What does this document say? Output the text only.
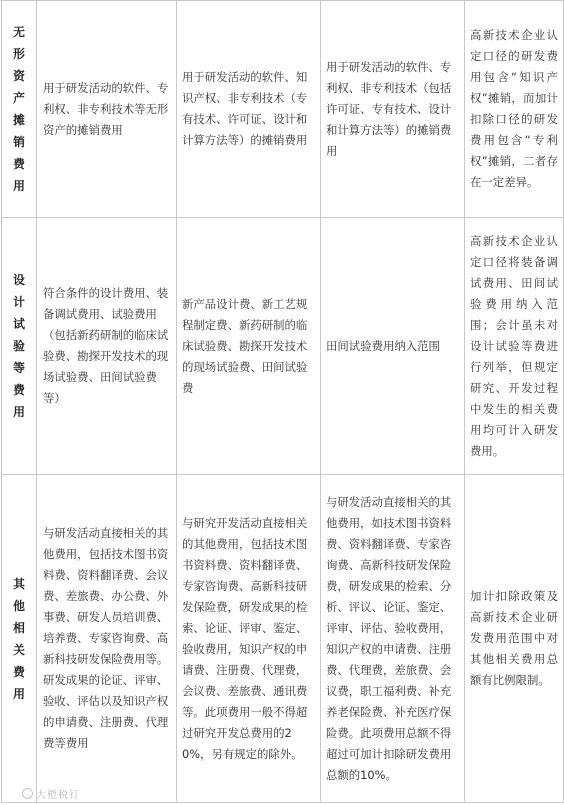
无形资产摊销费用	用于研发活动的软件、专利权、非专利技术等无形资产的摊销费用	用于研发活动的软件、知识产权、非专利技术（专有技术、许可证、设计和计算方法等）的摊销费用	用于研发活动的软件、专利权、非专利技术（包括许可证、专有技术、设计和计算方法等）的摊销费用	高新技术企业认定口径的研发费用包含“知识产权”摊销，而加计扣除口径的研发费用包含“专利权”摊销，二者存在一定差异。
设计试验等费用	符合条件的设计费用、装备调试费用、试验费用（包括新药研制的临床试验费、勘探开发技术的现场试验费、田间试验费等）	新产品设计费、新工艺规程制定费、新药研制的临床试验费、勘探开发技术的现场试验费、田间试验费	田间试验费用纳入范围	高新技术企业认定口径将装备调试费用、田间试验费用纳入范围；会计虽未对设计试验等费进行列举，但规定研究、开发过程中发生的相关费用均可计入研发费用。
其他相关费用	与研发活动直接相关的其他费用，包括技术图书资料费、资料翻译费、会议费、差旅费、办公费、外事费、研发人员培训费、培养费、专家咨询费、高新科技研发保险费用等。研发成果的论证、评审、验收、评估以及知识产权的申请费、注册费、代理费等费用	与研究开发活动直接相关的其他费用，包括技术图书资料费、资料翻译费、专家咨询费、高新科技研发保险费，研发成果的检索、论证、评审、鉴定、验收费用，知识产权的申请费、注册费、代理费，会议费、差旅费、通讯费等。此项费用一般不得超过研究开发总费用的20%，另有规定的除外。	与研发活动直接相关的其他费用，如技术图书资料费、资料翻译费、专家咨询费、高新科技研发保险费，研发成果的检索、分析、评议、论证、鉴定、评审、评估、验收费用，知识产权的申请费、注册费、代理费，差旅费、会议费，职工福利费、补充养老保险费、补充医疗保险费。此项费用总额不得超过可加计扣除研发费用总额的10%。	加计扣除政策及高新技术企业研发费用范围中对其他相关费用总额有比例限制。
大橙税钉
